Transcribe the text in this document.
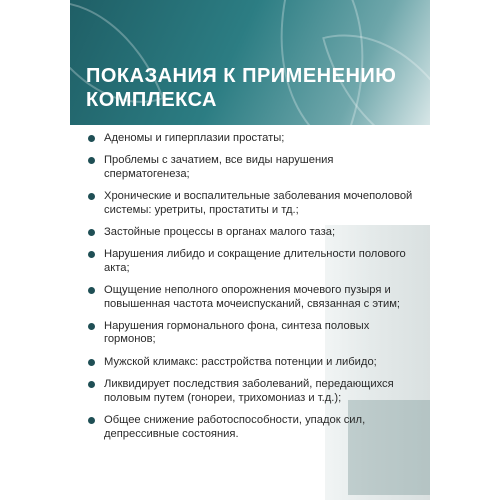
ПОКАЗАНИЯ К ПРИМЕНЕНИЮ
КОМПЛЕКСА
Аденомы и гиперплазии простаты;
Проблемы с зачатием, все виды нарушения сперматогенеза;
Хронические и воспалительные заболевания мочеполовой системы: уретриты, простатиты и тд.;
Застойные процессы в органах малого таза;
Нарушения либидо и сокращение длительности полового акта;
Ощущение неполного опорожнения мочевого пузыря и повышенная частота мочеиспусканий, связанная с этим;
Нарушения гормонального фона, синтеза половых гормонов;
Мужской климакс: расстройства потенции и либидо;
Ликвидирует последствия заболеваний, передающихся половым путем (гонореи, трихомониаз и т.д.);
Общее снижение работоспособности, упадок сил, депрессивные состояния.
